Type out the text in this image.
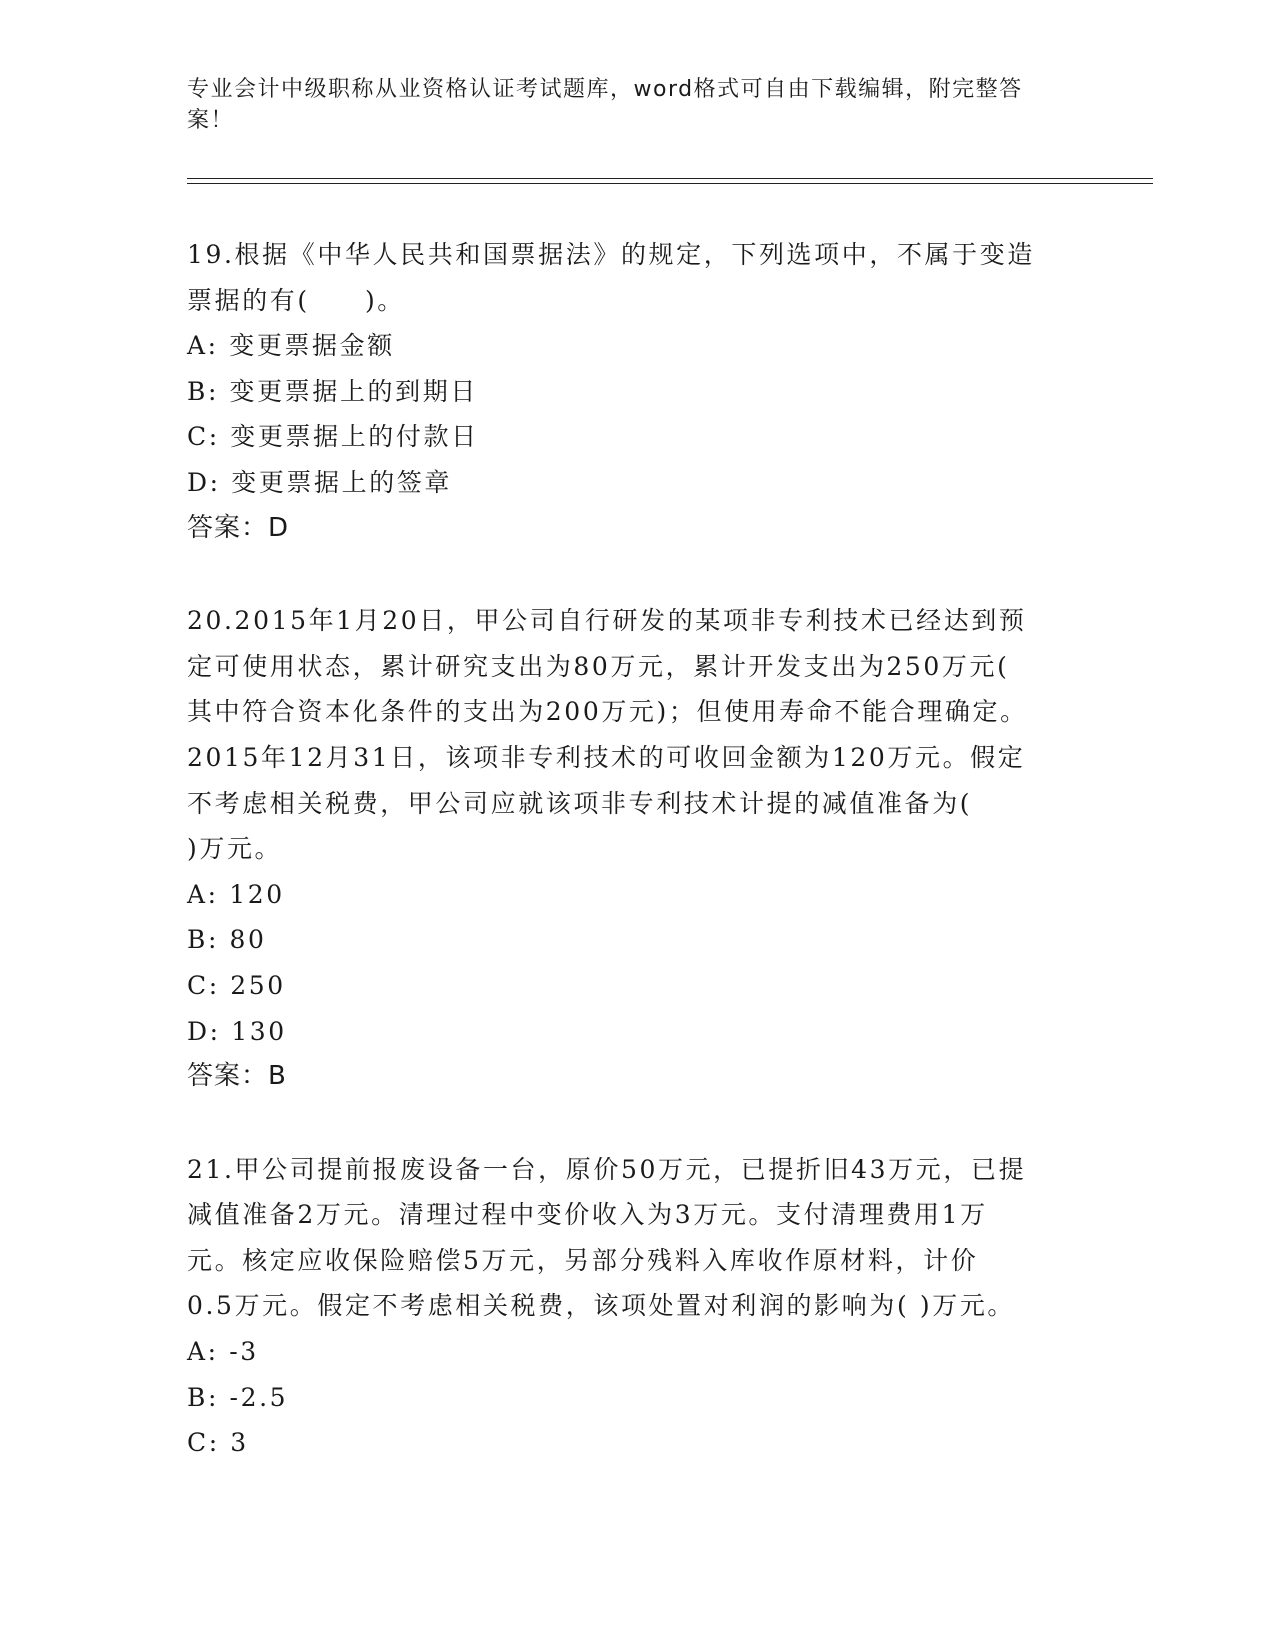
专业会计中级职称从业资格认证考试题库，word格式可自由下载编辑，附完整答
案！

19.根据《中华人民共和国票据法》的规定，下列选项中，不属于变造

票据的有(　　)。

A: 变更票据金额

B: 变更票据上的到期日

C: 变更票据上的付款日

D: 变更票据上的签章

答案：D

20.2015年1月20日，甲公司自行研发的某项非专利技术已经达到预

定可使用状态，累计研究支出为80万元，累计开发支出为250万元(

其中符合资本化条件的支出为200万元)；但使用寿命不能合理确定。

2015年12月31日，该项非专利技术的可收回金额为120万元。假定

不考虑相关税费，甲公司应就该项非专利技术计提的减值准备为(

)万元。

A: 120

B: 80

C: 250

D: 130

答案：B

21.甲公司提前报废设备一台，原价50万元，已提折旧43万元，已提

减值准备2万元。清理过程中变价收入为3万元。支付清理费用1万

元。核定应收保险赔偿5万元，另部分残料入库收作原材料，计价

0.5万元。假定不考虑相关税费，该项处置对利润的影响为( )万元。

A: -3

B: -2.5

C: 3
